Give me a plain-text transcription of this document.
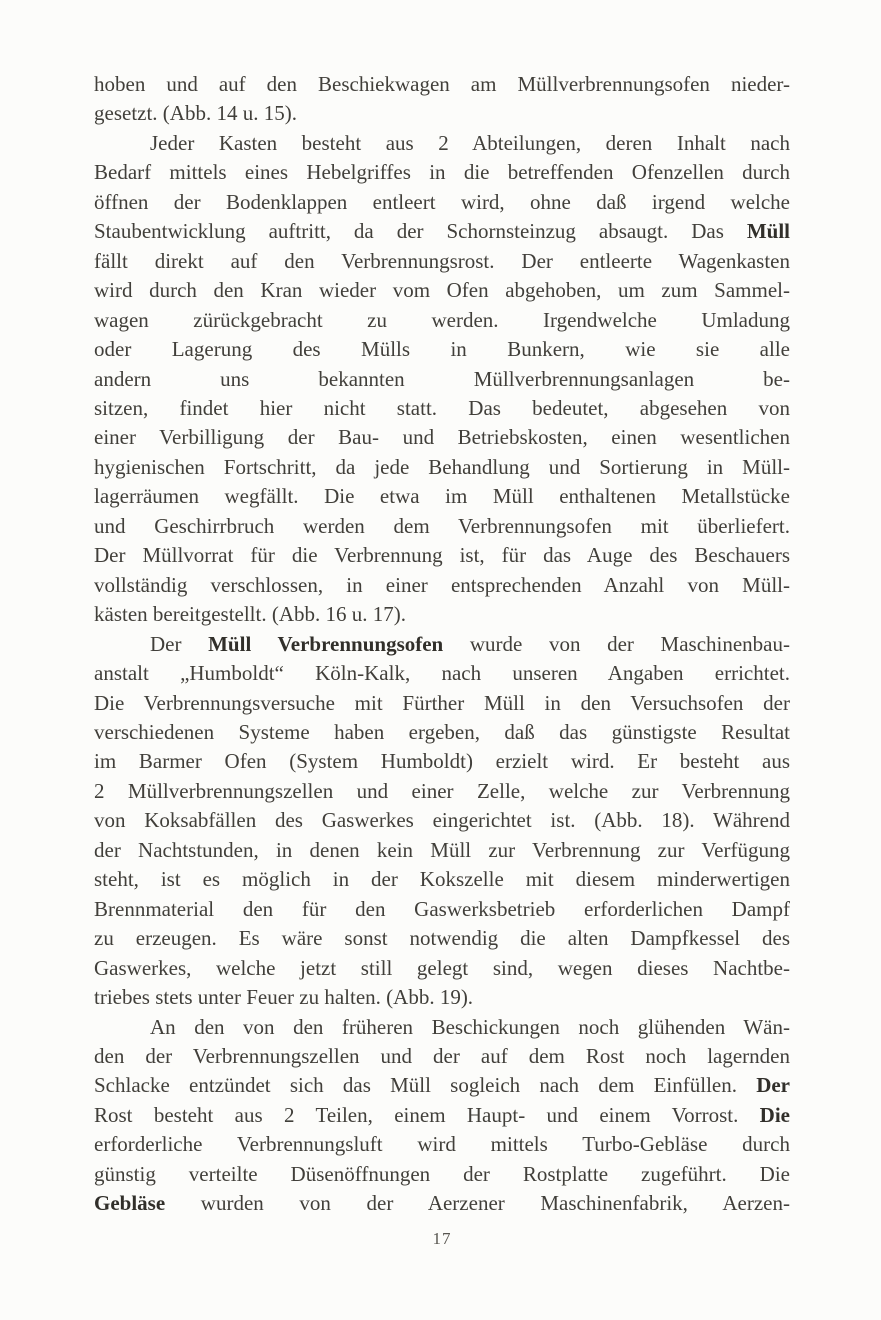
hoben und auf den Beschiekwagen am Müllverbrennungsofen nieder-
gesetzt. (Abb. 14 u. 15).
Jeder Kasten besteht aus 2 Abteilungen, deren Inhalt nach
Bedarf mittels eines Hebelgriffes in die betreffenden Ofenzellen durch
öffnen der Bodenklappen entleert wird, ohne daß irgend welche
Staubentwicklung auftritt, da der Schornsteinzug absaugt. Das Müll
fällt direkt auf den Verbrennungsrost. Der entleerte Wagenkasten
wird durch den Kran wieder vom Ofen abgehoben, um zum Sammel-
wagen zürückgebracht zu werden. Irgendwelche Umladung
oder Lagerung des Mülls in Bunkern, wie sie alle
andern uns bekannten Müllverbrennungsanlagen be-
sitzen, findet hier nicht statt. Das bedeutet, abgesehen von
einer Verbilligung der Bau- und Betriebskosten, einen wesentlichen
hygienischen Fortschritt, da jede Behandlung und Sortierung in Müll-
lagerräumen wegfällt. Die etwa im Müll enthaltenen Metallstücke
und Geschirrbruch werden dem Verbrennungsofen mit überliefert.
Der Müllvorrat für die Verbrennung ist, für das Auge des Beschauers
vollständig verschlossen, in einer entsprechenden Anzahl von Müll-
kästen bereitgestellt. (Abb. 16 u. 17).
Der Müll Verbrennungsofen wurde von der Maschinenbau-
anstalt „Humboldt“ Köln-Kalk, nach unseren Angaben errichtet.
Die Verbrennungsversuche mit Fürther Müll in den Versuchsofen der
verschiedenen Systeme haben ergeben, daß das günstigste Resultat
im Barmer Ofen (System Humboldt) erzielt wird. Er besteht aus
2 Müllverbrennungszellen und einer Zelle, welche zur Verbrennung
von Koksabfällen des Gaswerkes eingerichtet ist. (Abb. 18). Während
der Nachtstunden, in denen kein Müll zur Verbrennung zur Verfügung
steht, ist es möglich in der Kokszelle mit diesem minderwertigen
Brennmaterial den für den Gaswerksbetrieb erforderlichen Dampf
zu erzeugen. Es wäre sonst notwendig die alten Dampfkessel des
Gaswerkes, welche jetzt still gelegt sind, wegen dieses Nachtbe-
triebes stets unter Feuer zu halten. (Abb. 19).
An den von den früheren Beschickungen noch glühenden Wän-
den der Verbrennungszellen und der auf dem Rost noch lagernden
Schlacke entzündet sich das Müll sogleich nach dem Einfüllen. Der
Rost besteht aus 2 Teilen, einem Haupt- und einem Vorrost. Die
erforderliche Verbrennungsluft wird mittels Turbo-Gebläse durch
günstig verteilte Düsenöffnungen der Rostplatte zugeführt. Die
Gebläse wurden von der Aerzener Maschinenfabrik, Aerzen-
17
